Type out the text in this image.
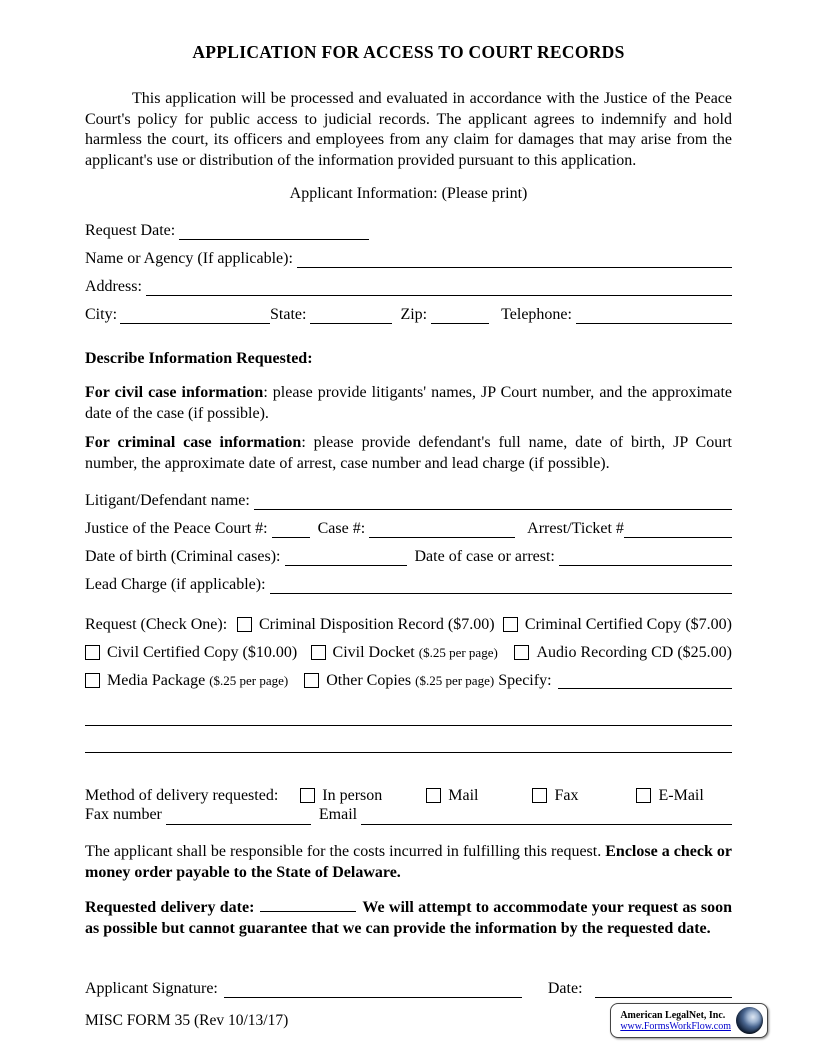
APPLICATION FOR ACCESS TO COURT RECORDS

This application will be processed and evaluated in accordance with the Justice of the Peace Court's policy for public access to judicial records. The applicant agrees to indemnify and hold harmless the court, its officers and employees from any claim for damages that may arise from the applicant's use or distribution of the information provided pursuant to this application.

Applicant Information: (Please print)
Request Date:
Name or Agency (If applicable):
Address:
City:	State:	Zip:	Telephone:
Describe Information Requested:

For civil case information: please provide litigants' names, JP Court number, and the approximate date of the case (if possible).

For criminal case information: please provide defendant's full name, date of birth, JP Court number, the approximate date of arrest, case number and lead charge (if possible).

Litigant/Defendant name:
Justice of the Peace Court #:	Case #:	Arrest/Ticket #
Date of birth (Criminal cases):	Date of case or arrest:
Lead Charge (if applicable):
Request (Check One): Criminal Disposition Record
($7.00) Criminal Certified Copy
($7.00)
Civil Certified Copy
($10.00) Civil Docket
($.25 per page) Audio Recording CD
($25.00)
Media Package
($.25 per page) Other Copies
($.25 per page)
Specify:
Method of delivery requested:	In person	Mail	Fax	E-Mail
Fax number	Email

The applicant shall be responsible for the costs incurred in fulfilling this request. Enclose a check or money order payable to the State of Delaware.

Requested delivery date:	We will attempt to accommodate your request as soon as possible but cannot guarantee that we can provide the information by the requested date.

Applicant Signature:	Date:
MISC FORM 35 (Rev 10/13/17)	American LegalNet, Inc.
www.FormsWorkFlow.com
